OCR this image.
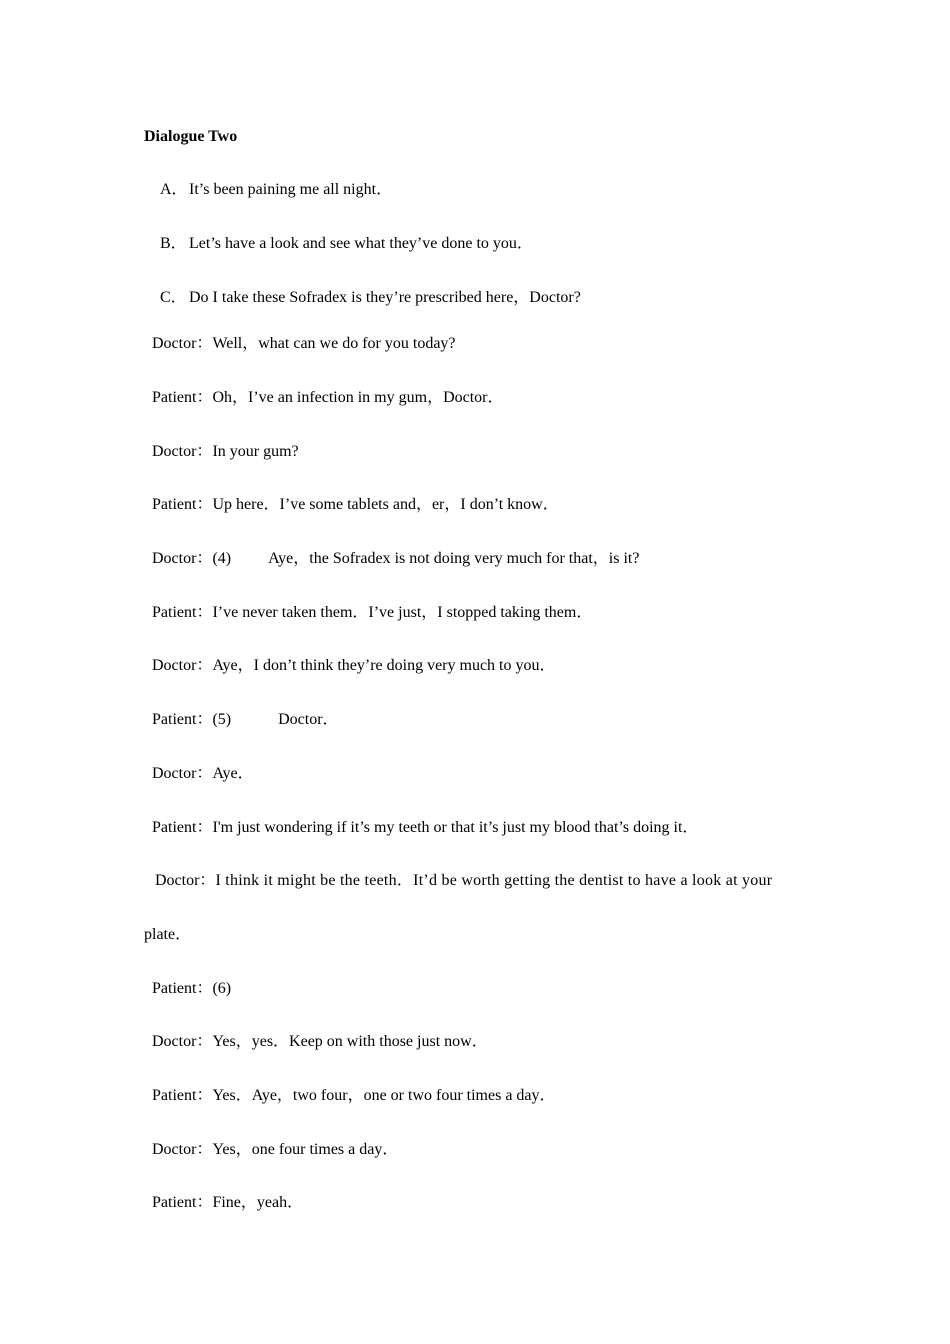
Dialogue Two
A．It’s been paining me all night．
B． Let’s have a look and see what they’ve done to you．
C． Do I take these Sofradex is they’re prescribed here，Doctor?
Doctor：Well，what can we do for you today?
Patient：Oh，I’ve an infection in my gum，Doctor．
Doctor：In your gum?
Patient：Up here．I’ve some tablets and，er，I don’t know．
Doctor：(4) Aye，the Sofradex is not doing very much for that，is it?
Patient：I’ve never taken them．I’ve just，I stopped taking them．
Doctor：Aye，I don’t think they’re doing very much to you．
Patient：(5)	Doctor．
Doctor：Aye．
Patient：I'm just wondering if it’s my teeth or that it’s just my blood that’s doing it．
Doctor：I think it might be the teeth．It’d be worth getting the dentist to have a look at your
plate．
Patient：(6)
Doctor：Yes，yes．Keep on with those just now．
Patient：Yes．Aye，two four，one or two four times a day．
Doctor：Yes，one four times a day．
Patient：Fine，yeah．
